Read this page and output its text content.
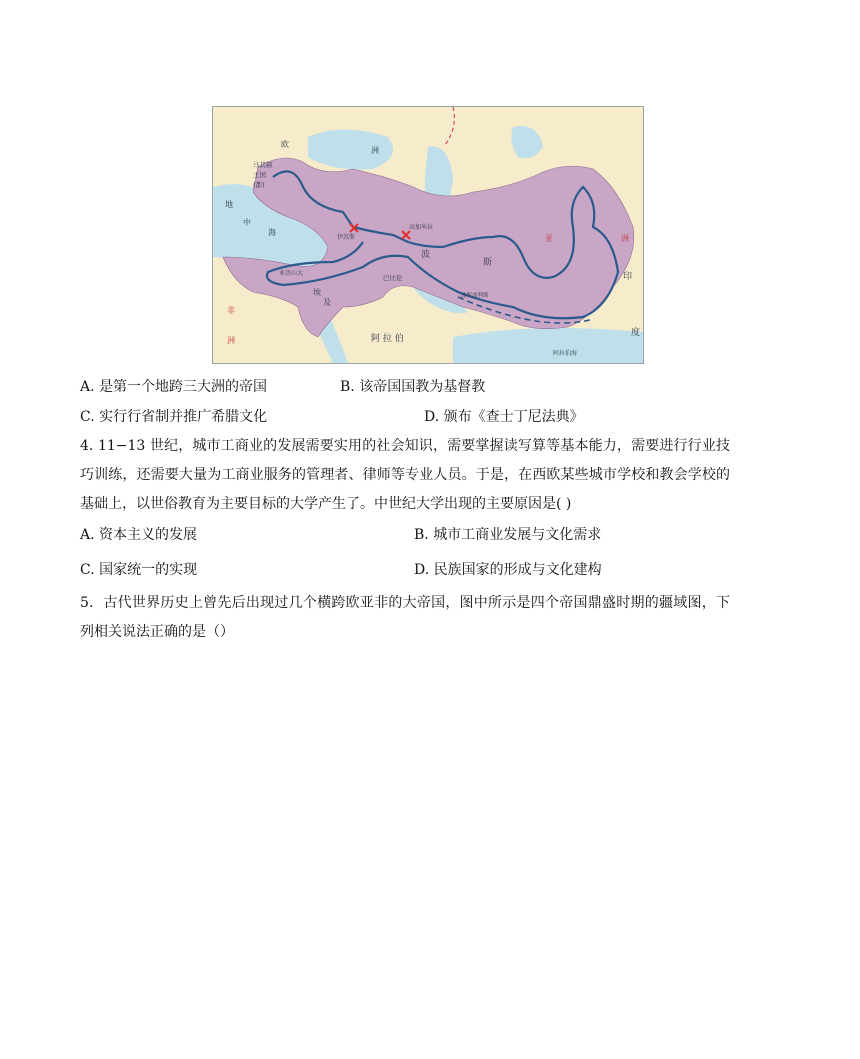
欧
洲
马其顿
王国
(都)
地
中
海
非
洲
埃
及
阿 拉 伯
波
斯
亚	洲
印
度
伊苏斯
高加米拉
亚历山大
巴比伦
波斯波利斯
阿拉伯海
A. 是第一个地跨三大洲的帝国	B. 该帝国国教为基督教
C. 实行行省制并推广希腊文化	D. 颁布《查士丁尼法典》
4. 11−13 世纪，城市工商业的发展需要实用的社会知识，需要掌握读写算等基本能力，需要进行行业技巧训练，还需要大量为工商业服务的管理者、律师等专业人员。于是，在西欧某些城市学校和教会学校的基础上，以世俗教育为主要目标的大学产生了。中世纪大学出现的主要原因是( )
A. 资本主义的发展	B. 城市工商业发展与文化需求
C. 国家统一的实现	D. 民族国家的形成与文化建构
5．古代世界历史上曾先后出现过几个横跨欧亚非的大帝国，图中所示是四个帝国鼎盛时期的疆域图，下列相关说法正确的是（）
